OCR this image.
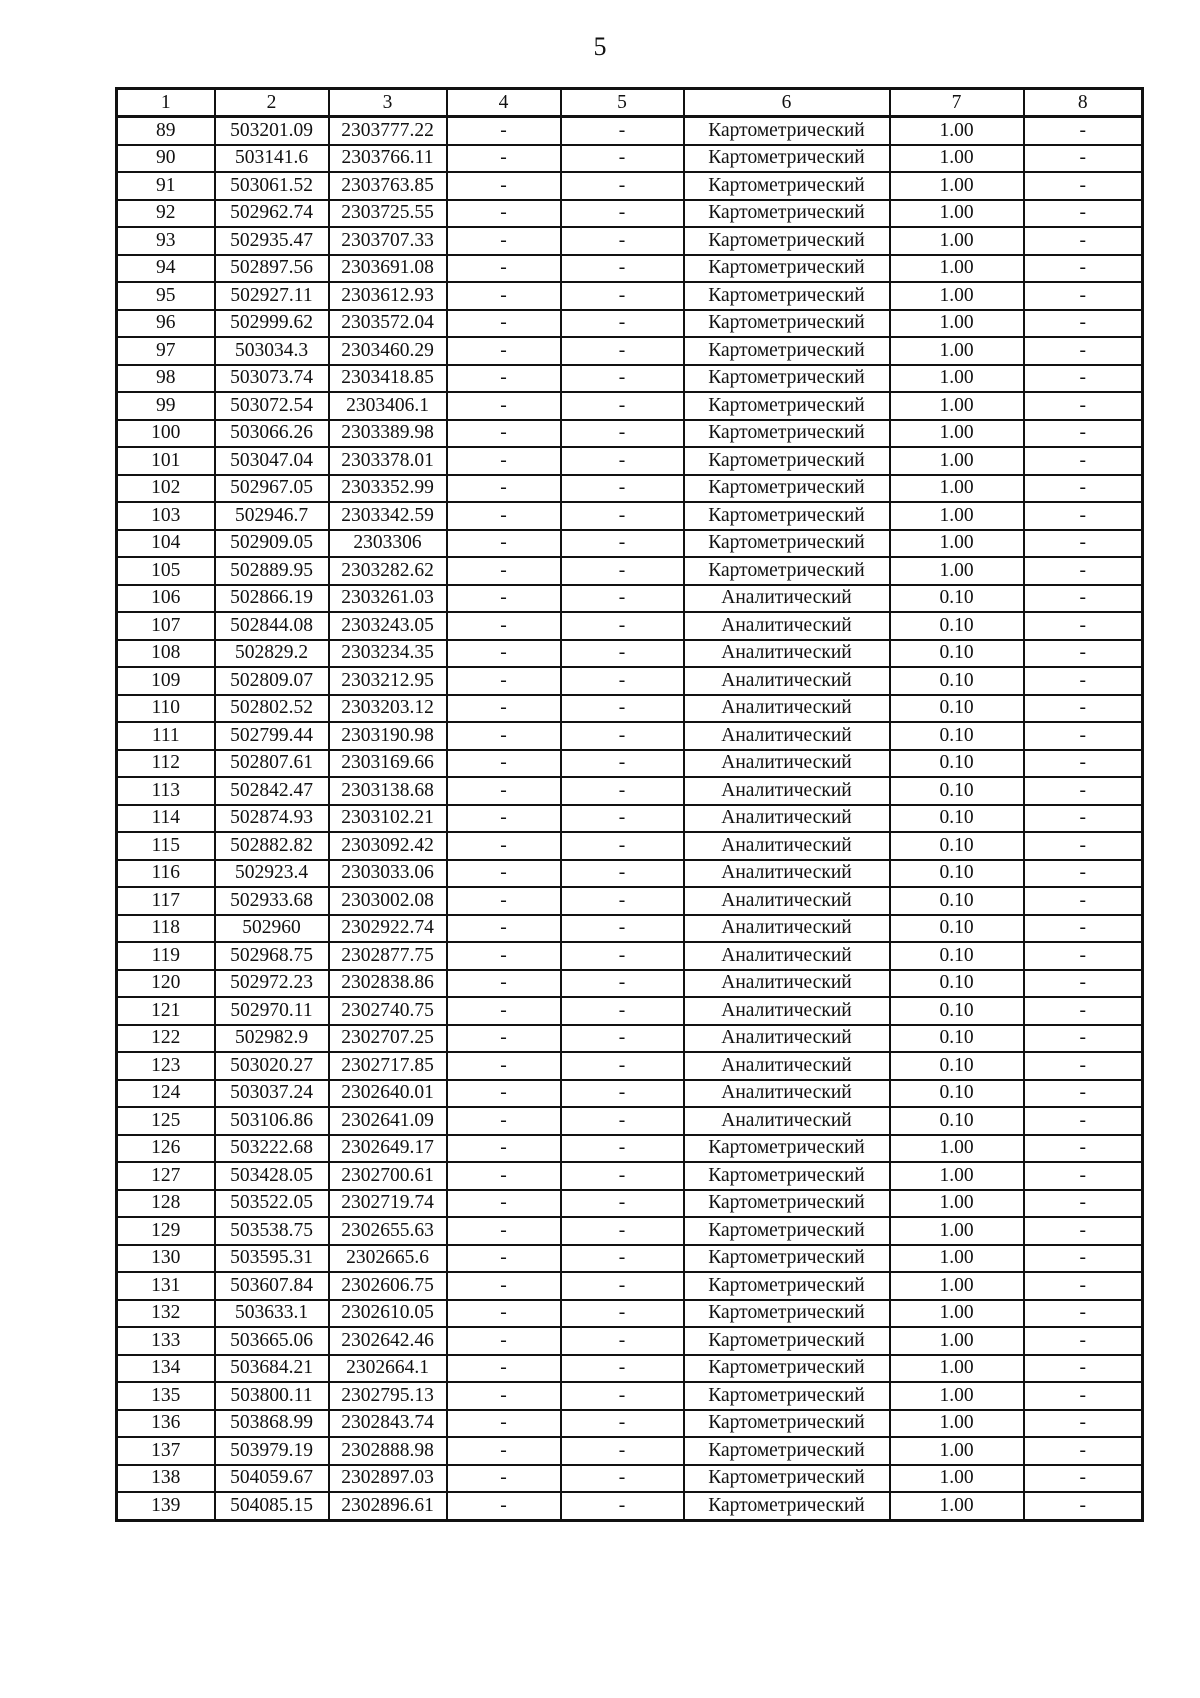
5
1	2	3	4	5	6	7	8
89	503201.09	2303777.22	-	-	Картометрический	1.00	-
90	503141.6	2303766.11	-	-	Картометрический	1.00	-
91	503061.52	2303763.85	-	-	Картометрический	1.00	-
92	502962.74	2303725.55	-	-	Картометрический	1.00	-
93	502935.47	2303707.33	-	-	Картометрический	1.00	-
94	502897.56	2303691.08	-	-	Картометрический	1.00	-
95	502927.11	2303612.93	-	-	Картометрический	1.00	-
96	502999.62	2303572.04	-	-	Картометрический	1.00	-
97	503034.3	2303460.29	-	-	Картометрический	1.00	-
98	503073.74	2303418.85	-	-	Картометрический	1.00	-
99	503072.54	2303406.1	-	-	Картометрический	1.00	-
100	503066.26	2303389.98	-	-	Картометрический	1.00	-
101	503047.04	2303378.01	-	-	Картометрический	1.00	-
102	502967.05	2303352.99	-	-	Картометрический	1.00	-
103	502946.7	2303342.59	-	-	Картометрический	1.00	-
104	502909.05	2303306	-	-	Картометрический	1.00	-
105	502889.95	2303282.62	-	-	Картометрический	1.00	-
106	502866.19	2303261.03	-	-	Аналитический	0.10	-
107	502844.08	2303243.05	-	-	Аналитический	0.10	-
108	502829.2	2303234.35	-	-	Аналитический	0.10	-
109	502809.07	2303212.95	-	-	Аналитический	0.10	-
110	502802.52	2303203.12	-	-	Аналитический	0.10	-
111	502799.44	2303190.98	-	-	Аналитический	0.10	-
112	502807.61	2303169.66	-	-	Аналитический	0.10	-
113	502842.47	2303138.68	-	-	Аналитический	0.10	-
114	502874.93	2303102.21	-	-	Аналитический	0.10	-
115	502882.82	2303092.42	-	-	Аналитический	0.10	-
116	502923.4	2303033.06	-	-	Аналитический	0.10	-
117	502933.68	2303002.08	-	-	Аналитический	0.10	-
118	502960	2302922.74	-	-	Аналитический	0.10	-
119	502968.75	2302877.75	-	-	Аналитический	0.10	-
120	502972.23	2302838.86	-	-	Аналитический	0.10	-
121	502970.11	2302740.75	-	-	Аналитический	0.10	-
122	502982.9	2302707.25	-	-	Аналитический	0.10	-
123	503020.27	2302717.85	-	-	Аналитический	0.10	-
124	503037.24	2302640.01	-	-	Аналитический	0.10	-
125	503106.86	2302641.09	-	-	Аналитический	0.10	-
126	503222.68	2302649.17	-	-	Картометрический	1.00	-
127	503428.05	2302700.61	-	-	Картометрический	1.00	-
128	503522.05	2302719.74	-	-	Картометрический	1.00	-
129	503538.75	2302655.63	-	-	Картометрический	1.00	-
130	503595.31	2302665.6	-	-	Картометрический	1.00	-
131	503607.84	2302606.75	-	-	Картометрический	1.00	-
132	503633.1	2302610.05	-	-	Картометрический	1.00	-
133	503665.06	2302642.46	-	-	Картометрический	1.00	-
134	503684.21	2302664.1	-	-	Картометрический	1.00	-
135	503800.11	2302795.13	-	-	Картометрический	1.00	-
136	503868.99	2302843.74	-	-	Картометрический	1.00	-
137	503979.19	2302888.98	-	-	Картометрический	1.00	-
138	504059.67	2302897.03	-	-	Картометрический	1.00	-
139	504085.15	2302896.61	-	-	Картометрический	1.00	-
